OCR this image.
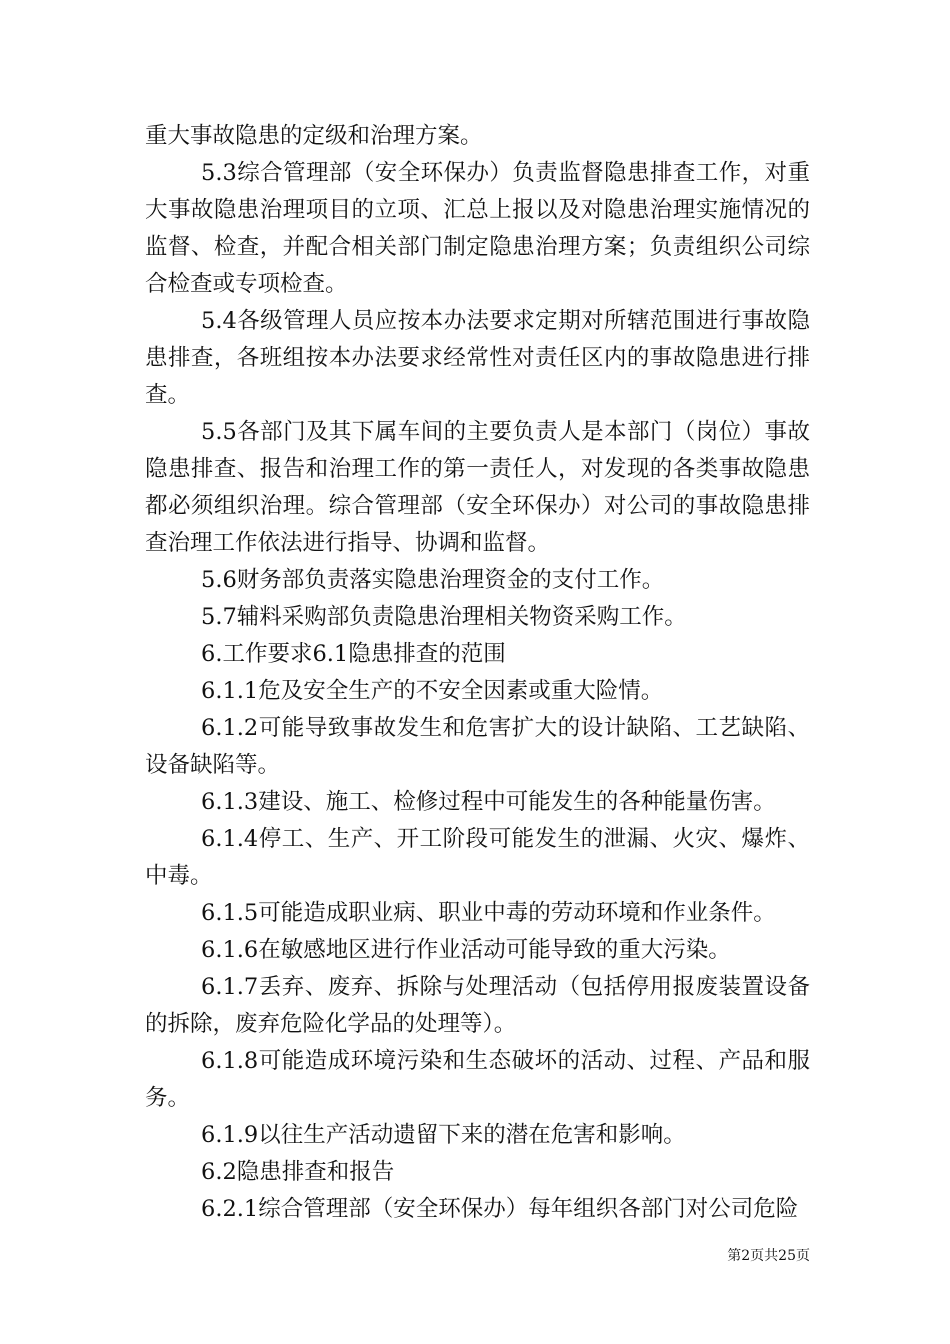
重大事故隐患的定级和治理方案。

5.3综合管理部（安全环保办）负责监督隐患排查工作，对重大事故隐患治理项目的立项、汇总上报以及对隐患治理实施情况的监督、检查，并配合相关部门制定隐患治理方案；负责组织公司综合检查或专项检查。

5.4各级管理人员应按本办法要求定期对所辖范围进行事故隐患排查，各班组按本办法要求经常性对责任区内的事故隐患进行排查。

5.5各部门及其下属车间的主要负责人是本部门（岗位）事故隐患排查、报告和治理工作的第一责任人，对发现的各类事故隐患都必须组织治理。综合管理部（安全环保办）对公司的事故隐患排查治理工作依法进行指导、协调和监督。

5.6财务部负责落实隐患治理资金的支付工作。

5.7辅料采购部负责隐患治理相关物资采购工作。

6.工作要求6.1隐患排查的范围

6.1.1危及安全生产的不安全因素或重大险情。

6.1.2可能导致事故发生和危害扩大的设计缺陷、工艺缺陷、设备缺陷等。

6.1.3建设、施工、检修过程中可能发生的各种能量伤害。

6.1.4停工、生产、开工阶段可能发生的泄漏、火灾、爆炸、中毒。

6.1.5可能造成职业病、职业中毒的劳动环境和作业条件。

6.1.6在敏感地区进行作业活动可能导致的重大污染。

6.1.7丢弃、废弃、拆除与处理活动（包括停用报废装置设备的拆除，废弃危险化学品的处理等）。

6.1.8可能造成环境污染和生态破坏的活动、过程、产品和服务。

6.1.9以往生产活动遗留下来的潜在危害和影响。

6.2隐患排查和报告

6.2.1综合管理部（安全环保办）每年组织各部门对公司危险

第2页共25页
